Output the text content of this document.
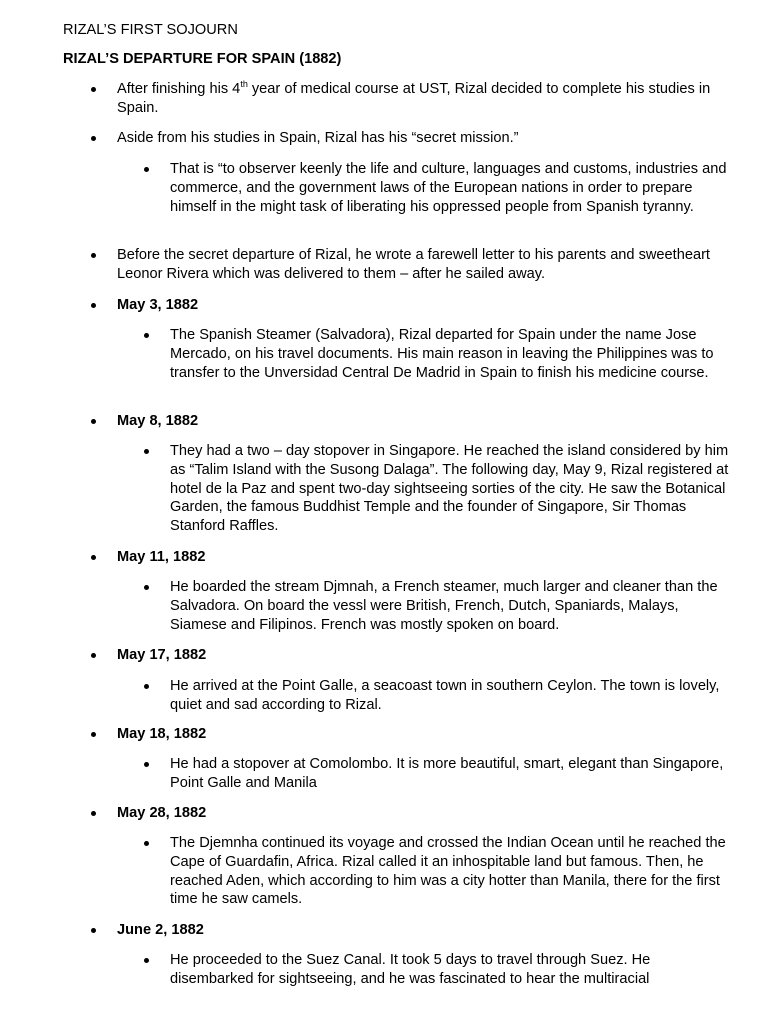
RIZAL’S FIRST SOJOURN
RIZAL’S DEPARTURE FOR SPAIN (1882)
After finishing his 4th year of medical course at UST, Rizal decided to complete his studies in Spain.
Aside from his studies in Spain, Rizal has his “secret mission.”
That is “to observer keenly the life and culture, languages and customs, industries and commerce, and the government laws of the European nations in order to prepare himself in the might task of liberating his oppressed people from Spanish tyranny.
Before the secret departure of Rizal, he wrote a farewell letter to his parents and sweetheart Leonor Rivera which was delivered to them – after he sailed away.
May 3, 1882
The Spanish Steamer (Salvadora), Rizal departed for Spain under the name Jose Mercado, on his travel documents. His main reason in leaving the Philippines was to transfer to the Unversidad Central De Madrid in Spain to finish his medicine course.
May 8, 1882
They had a two – day stopover in Singapore. He reached the island considered by him as “Talim Island with the Susong Dalaga”. The following day, May 9, Rizal registered at hotel de la Paz and spent two-day sightseeing sorties of the city. He saw the Botanical Garden, the famous Buddhist Temple and the founder of Singapore, Sir Thomas Stanford Raffles.
May 11, 1882
He boarded the stream Djmnah, a French steamer, much larger and cleaner than the Salvadora. On board the vessl were British, French, Dutch, Spaniards, Malays, Siamese and Filipinos. French was mostly spoken on board.
May 17, 1882
He arrived at the Point Galle, a seacoast town in southern Ceylon. The town is lovely, quiet and sad according to Rizal.
May 18, 1882
He had a stopover at Comolombo. It is more beautiful, smart, elegant than Singapore, Point Galle and Manila
May 28, 1882
The Djemnha continued its voyage and crossed the Indian Ocean until he reached the Cape of Guardafin, Africa. Rizal called it an inhospitable land but famous. Then, he reached Aden, which according to him was a city hotter than Manila, there for the first time he saw camels.
June 2, 1882
He proceeded to the Suez Canal. It took 5 days to travel through Suez. He disembarked for sightseeing, and he was fascinated to hear the multiracial
